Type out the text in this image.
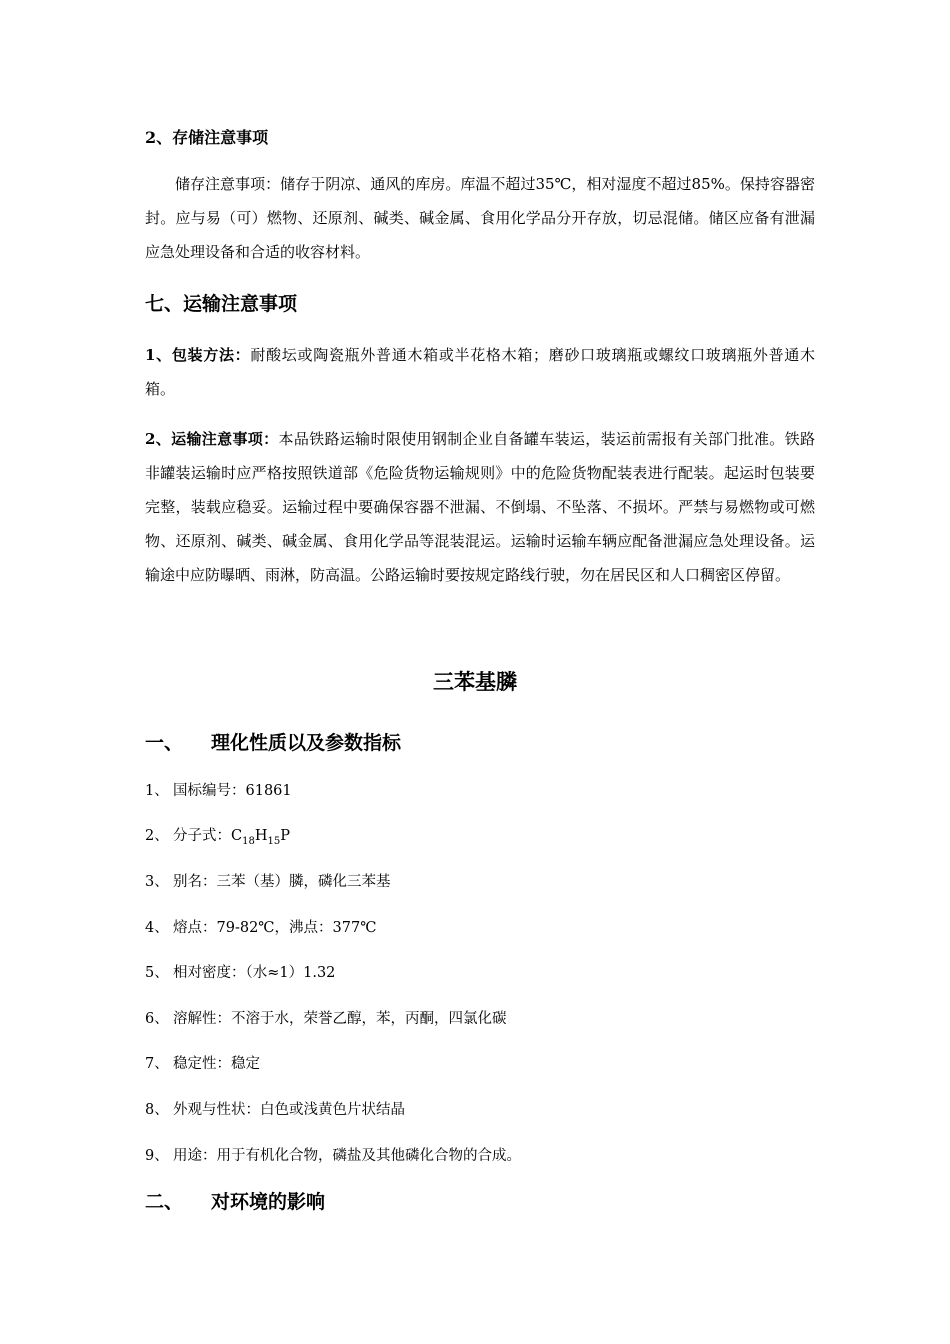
2、存储注意事项
储存注意事项：储存于阴凉、通风的库房。库温不超过35℃，相对湿度不超过85%。保持容器密封。应与易（可）燃物、还原剂、碱类、碱金属、食用化学品分开存放，切忌混储。储区应备有泄漏应急处理设备和合适的收容材料。
七、运输注意事项
1、包装方法：耐酸坛或陶瓷瓶外普通木箱或半花格木箱；磨砂口玻璃瓶或螺纹口玻璃瓶外普通木箱。
2、运输注意事项：本品铁路运输时限使用钢制企业自备罐车装运，装运前需报有关部门批准。铁路非罐装运输时应严格按照铁道部《危险货物运输规则》中的危险货物配装表进行配装。起运时包装要完整，装载应稳妥。运输过程中要确保容器不泄漏、不倒塌、不坠落、不损坏。严禁与易燃物或可燃物、还原剂、碱类、碱金属、食用化学品等混装混运。运输时运输车辆应配备泄漏应急处理设备。运输途中应防曝晒、雨淋，防高温。公路运输时要按规定路线行驶，勿在居民区和人口稠密区停留。
三苯基膦
一、 理化性质以及参数指标
1、 国标编号：61861
2、 分子式：$C_{18}H_{15}P$
3、 别名：三苯（基）膦，磷化三苯基
4、 熔点：79-82℃，沸点：377℃
5、 相对密度：（水≈1）1.32
6、 溶解性：不溶于水，荣誉乙醇，苯，丙酮，四氯化碳
7、 稳定性：稳定
8、 外观与性状：白色或浅黄色片状结晶
9、 用途：用于有机化合物，磷盐及其他磷化合物的合成。
二、 对环境的影响
